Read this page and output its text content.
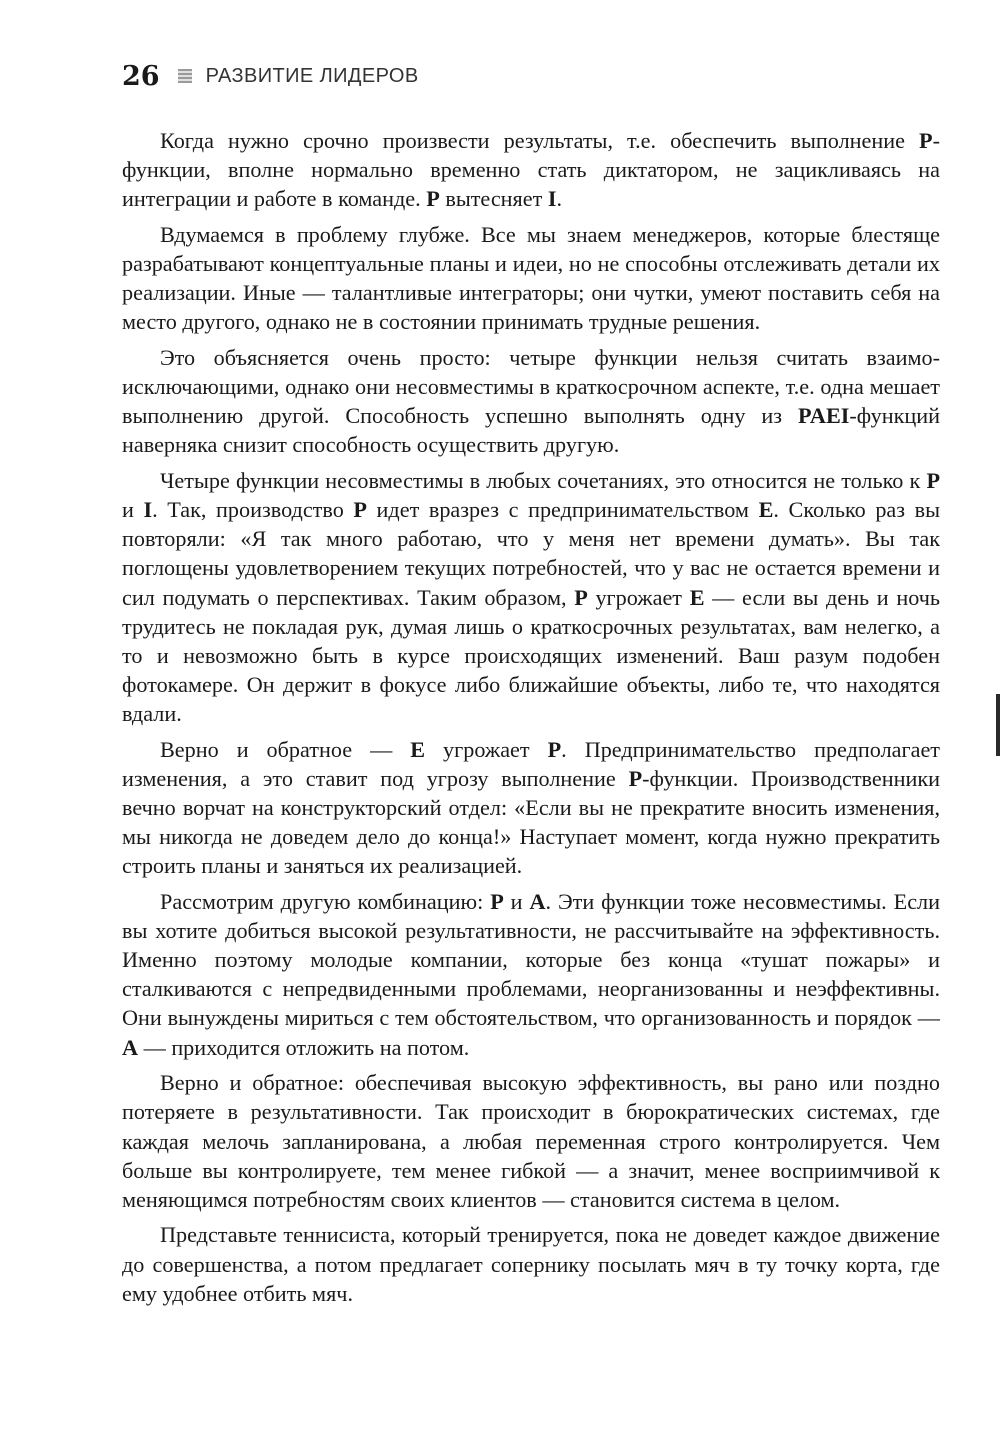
26 РАЗВИТИЕ ЛИДЕРОВ

Когда нужно срочно произвести результаты, т.е. обеспечить выполнение P-функции, вполне нормально временно стать диктатором, не зацикливаясь на интеграции и работе в команде. P вытесняет I.

Вдумаемся в проблему глубже. Все мы знаем менеджеров, которые блестяще разрабатывают концептуальные планы и идеи, но не способны отслеживать детали их реализации. Иные — талантливые интеграторы; они чутки, умеют поставить себя на место другого, однако не в состоянии принимать трудные решения.

Это объясняется очень просто: четыре функции нельзя считать взаимоисключающими, однако они несовместимы в краткосрочном аспекте, т.е. одна мешает выполнению другой. Способность успешно выполнять одну из PAEI-функций наверняка снизит способность осуществить другую.

Четыре функции несовместимы в любых сочетаниях, это относится не только к P и I. Так, производство P идет вразрез с предпринимательством E. Сколько раз вы повторяли: «Я так много работаю, что у меня нет времени думать». Вы так поглощены удовлетворением текущих потребностей, что у вас не остается времени и сил подумать о перспективах. Таким образом, P угрожает E — если вы день и ночь трудитесь не покладая рук, думая лишь о краткосрочных результатах, вам нелегко, а то и невозможно быть в курсе происходящих изменений. Ваш разум подобен фотокамере. Он держит в фокусе либо ближайшие объекты, либо те, что находятся вдали.

Верно и обратное — E угрожает P. Предпринимательство предполагает изменения, а это ставит под угрозу выполнение P-функции. Производственники вечно ворчат на конструкторский отдел: «Если вы не прекратите вносить изменения, мы никогда не доведем дело до конца!» Наступает момент, когда нужно прекратить строить планы и заняться их реализацией.

Рассмотрим другую комбинацию: P и A. Эти функции тоже несовместимы. Если вы хотите добиться высокой результативности, не рассчитывайте на эффективность. Именно поэтому молодые компании, которые без конца «тушат пожары» и сталкиваются с непредвиденными проблемами, неорганизованны и неэффективны. Они вынуждены мириться с тем обстоятельством, что организованность и порядок — A — приходится отложить на потом.

Верно и обратное: обеспечивая высокую эффективность, вы рано или поздно потеряете в результативности. Так происходит в бюрократических системах, где каждая мелочь запланирована, а любая переменная строго контролируется. Чем больше вы контролируете, тем менее гибкой — а значит, менее восприимчивой к меняющимся потребностям своих клиентов — становится система в целом.

Представьте теннисиста, который тренируется, пока не доведет каждое движение до совершенства, а потом предлагает сопернику посылать мяч в ту точку корта, где ему удобнее отбить мяч.
